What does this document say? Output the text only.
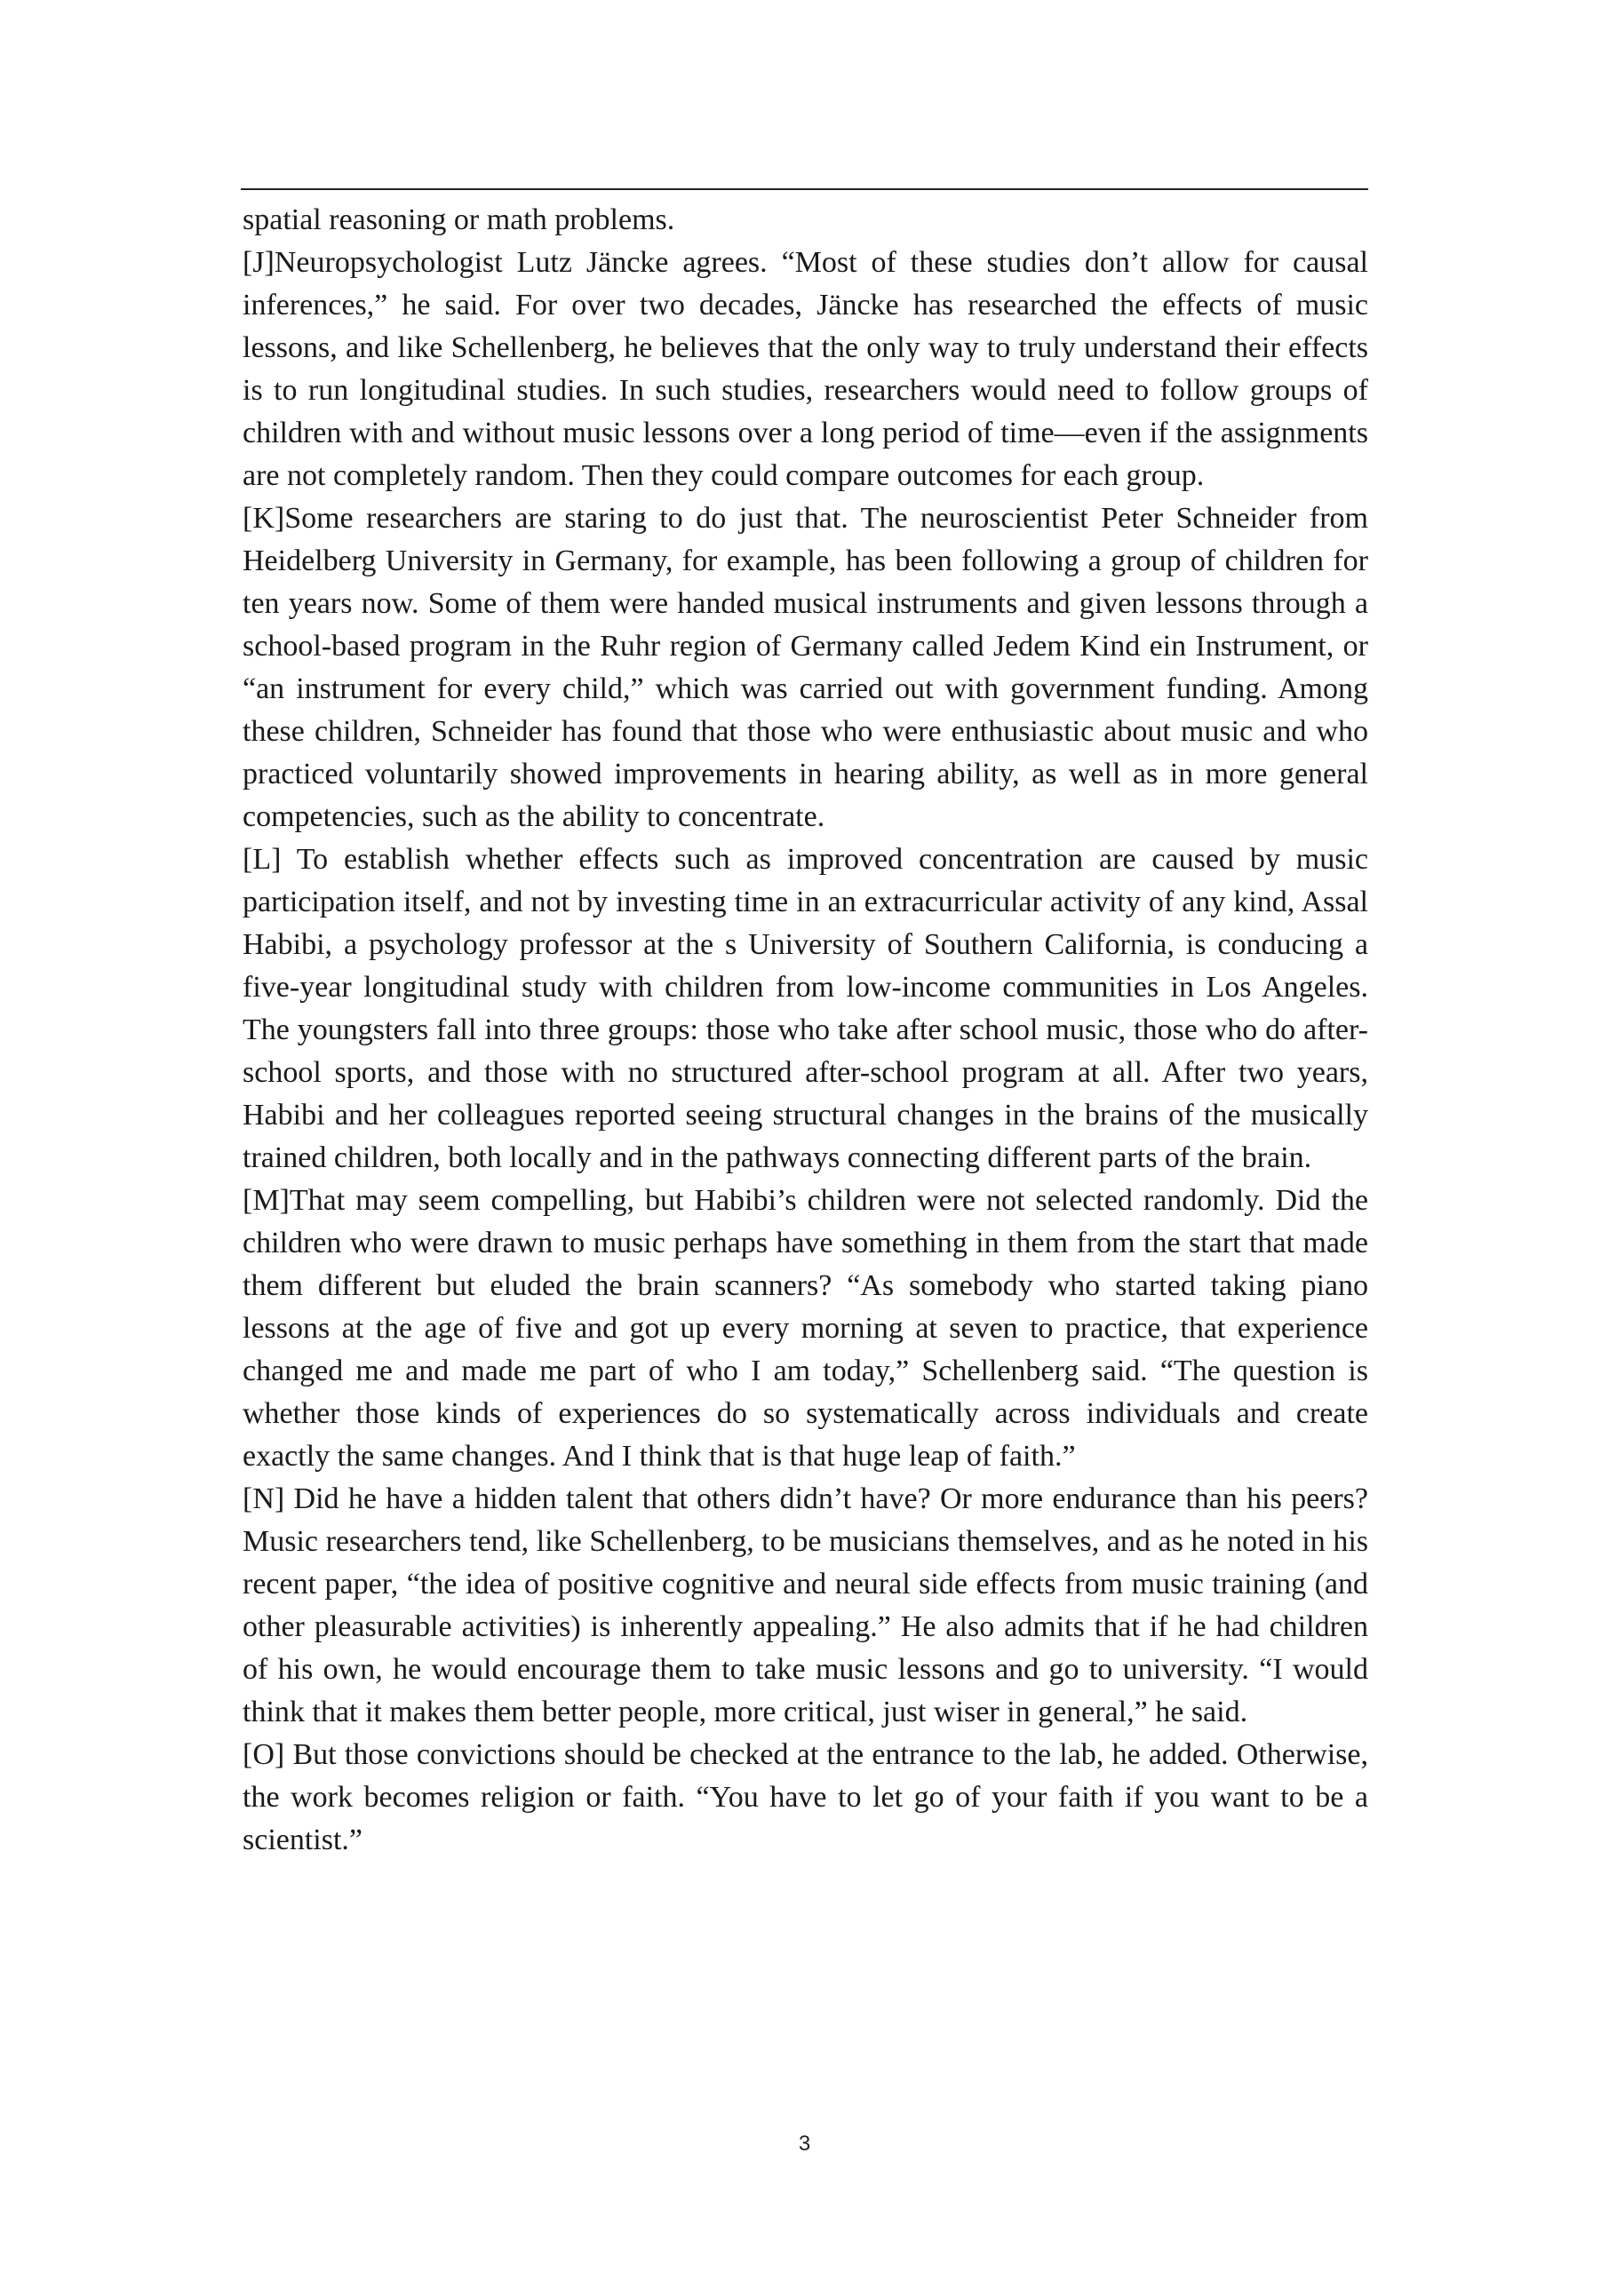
spatial reasoning or math problems.

[J]Neuropsychologist Lutz Jäncke agrees. “Most of these studies don’t allow for causal inferences,” he said. For over two decades, Jäncke has researched the effects of music lessons, and like Schellenberg, he believes that the only way to truly understand their effects is to run longitudinal studies. In such studies, researchers would need to follow groups of children with and without music lessons over a long period of time—even if the assignments are not completely random. Then they could compare outcomes for each group.

[K]Some researchers are staring to do just that. The neuroscientist Peter Schneider from Heidelberg University in Germany, for example, has been following a group of children for ten years now. Some of them were handed musical instruments and given lessons through a school-based program in the Ruhr region of Germany called Jedem Kind ein Instrument, or “an instrument for every child,” which was carried out with government funding. Among these children, Schneider has found that those who were enthusiastic about music and who practiced voluntarily showed improvements in hearing ability, as well as in more general competencies, such as the ability to concentrate.

[L] To establish whether effects such as improved concentration are caused by music participation itself, and not by investing time in an extracurricular activity of any kind, Assal Habibi, a psychology professor at the s University of Southern California, is conducing a five-year longitudinal study with children from low-income communities in Los Angeles. The youngsters fall into three groups: those who take after school music, those who do after-school sports, and those with no structured after-school program at all. After two years, Habibi and her colleagues reported seeing structural changes in the brains of the musically trained children, both locally and in the pathways connecting different parts of the brain.

[M]That may seem compelling, but Habibi’s children were not selected randomly. Did the children who were drawn to music perhaps have something in them from the start that made them different but eluded the brain scanners? “As somebody who started taking piano lessons at the age of five and got up every morning at seven to practice, that experience changed me and made me part of who I am today,” Schellenberg said. “The question is whether those kinds of experiences do so systematically across individuals and create exactly the same changes. And I think that is that huge leap of faith.”

[N] Did he have a hidden talent that others didn’t have? Or more endurance than his peers? Music researchers tend, like Schellenberg, to be musicians themselves, and as he noted in his recent paper, “the idea of positive cognitive and neural side effects from music training (and other pleasurable activities) is inherently appealing.” He also admits that if he had children of his own, he would encourage them to take music lessons and go to university. “I would think that it makes them better people, more critical, just wiser in general,” he said.

[O] But those convictions should be checked at the entrance to the lab, he added. Otherwise, the work becomes religion or faith. “You have to let go of your faith if you want to be a scientist.”

3
